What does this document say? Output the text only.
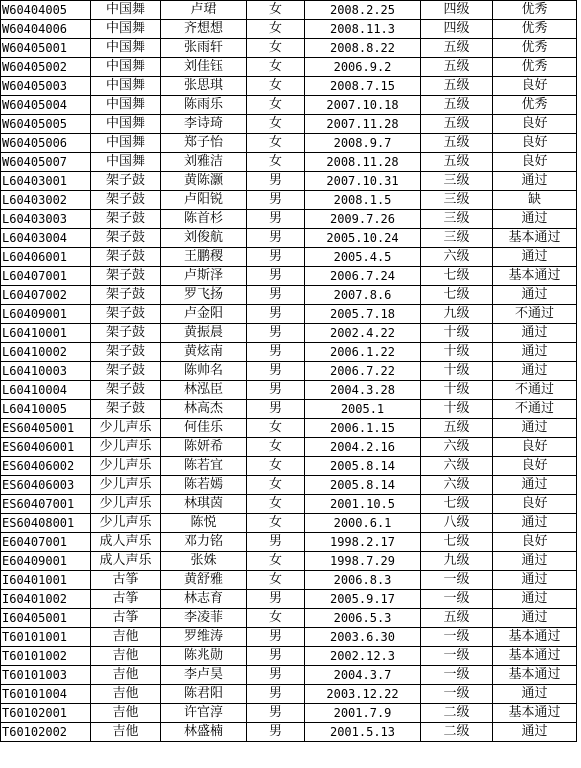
W60404005	中国舞	卢珺	女	2008.2.25	四级	优秀
W60404006	中国舞	齐想想	女	2008.11.3	四级	优秀
W60405001	中国舞	张雨轩	女	2008.8.22	五级	优秀
W60405002	中国舞	刘佳钰	女	2006.9.2	五级	优秀
W60405003	中国舞	张思琪	女	2008.7.15	五级	良好
W60405004	中国舞	陈雨乐	女	2007.10.18	五级	优秀
W60405005	中国舞	李诗琦	女	2007.11.28	五级	良好
W60405006	中国舞	郑子怡	女	2008.9.7	五级	良好
W60405007	中国舞	刘雅洁	女	2008.11.28	五级	良好
L60403001	架子鼓	黄陈灏	男	2007.10.31	三级	通过
L60403002	架子鼓	卢阳锐	男	2008.1.5	三级	缺
L60403003	架子鼓	陈首杉	男	2009.7.26	三级	通过
L60403004	架子鼓	刘俊航	男	2005.10.24	三级	基本通过
L60406001	架子鼓	王鹏稷	男	2005.4.5	六级	通过
L60407001	架子鼓	卢斯泽	男	2006.7.24	七级	基本通过
L60407002	架子鼓	罗飞扬	男	2007.8.6	七级	通过
L60409001	架子鼓	卢金阳	男	2005.7.18	九级	不通过
L60410001	架子鼓	黄振晨	男	2002.4.22	十级	通过
L60410002	架子鼓	黄炫南	男	2006.1.22	十级	通过
L60410003	架子鼓	陈帅名	男	2006.7.22	十级	通过
L60410004	架子鼓	林泓臣	男	2004.3.28	十级	不通过
L60410005	架子鼓	林高杰	男	2005.1	十级	不通过
ES60405001	少儿声乐	何佳乐	女	2006.1.15	五级	通过
ES60406001	少儿声乐	陈妍希	女	2004.2.16	六级	良好
ES60406002	少儿声乐	陈若宜	女	2005.8.14	六级	良好
ES60406003	少儿声乐	陈若嫣	女	2005.8.14	六级	通过
ES60407001	少儿声乐	林琪茵	女	2001.10.5	七级	良好
ES60408001	少儿声乐	陈悦	女	2000.6.1	八级	通过
E60407001	成人声乐	邓力铭	男	1998.2.17	七级	良好
E60409001	成人声乐	张姝	女	1998.7.29	九级	通过
I60401001	古筝	黄舒雅	女	2006.8.3	一级	通过
I60401002	古筝	林志育	男	2005.9.17	一级	通过
I60405001	古筝	李凌菲	女	2006.5.3	五级	通过
T60101001	吉他	罗维涛	男	2003.6.30	一级	基本通过
T60101002	吉他	陈兆勋	男	2002.12.3	一级	基本通过
T60101003	吉他	李卢昊	男	2004.3.7	一级	基本通过
T60101004	吉他	陈君阳	男	2003.12.22	一级	通过
T60102001	吉他	许官淳	男	2001.7.9	二级	基本通过
T60102002	吉他	林盛楠	男	2001.5.13	二级	通过
